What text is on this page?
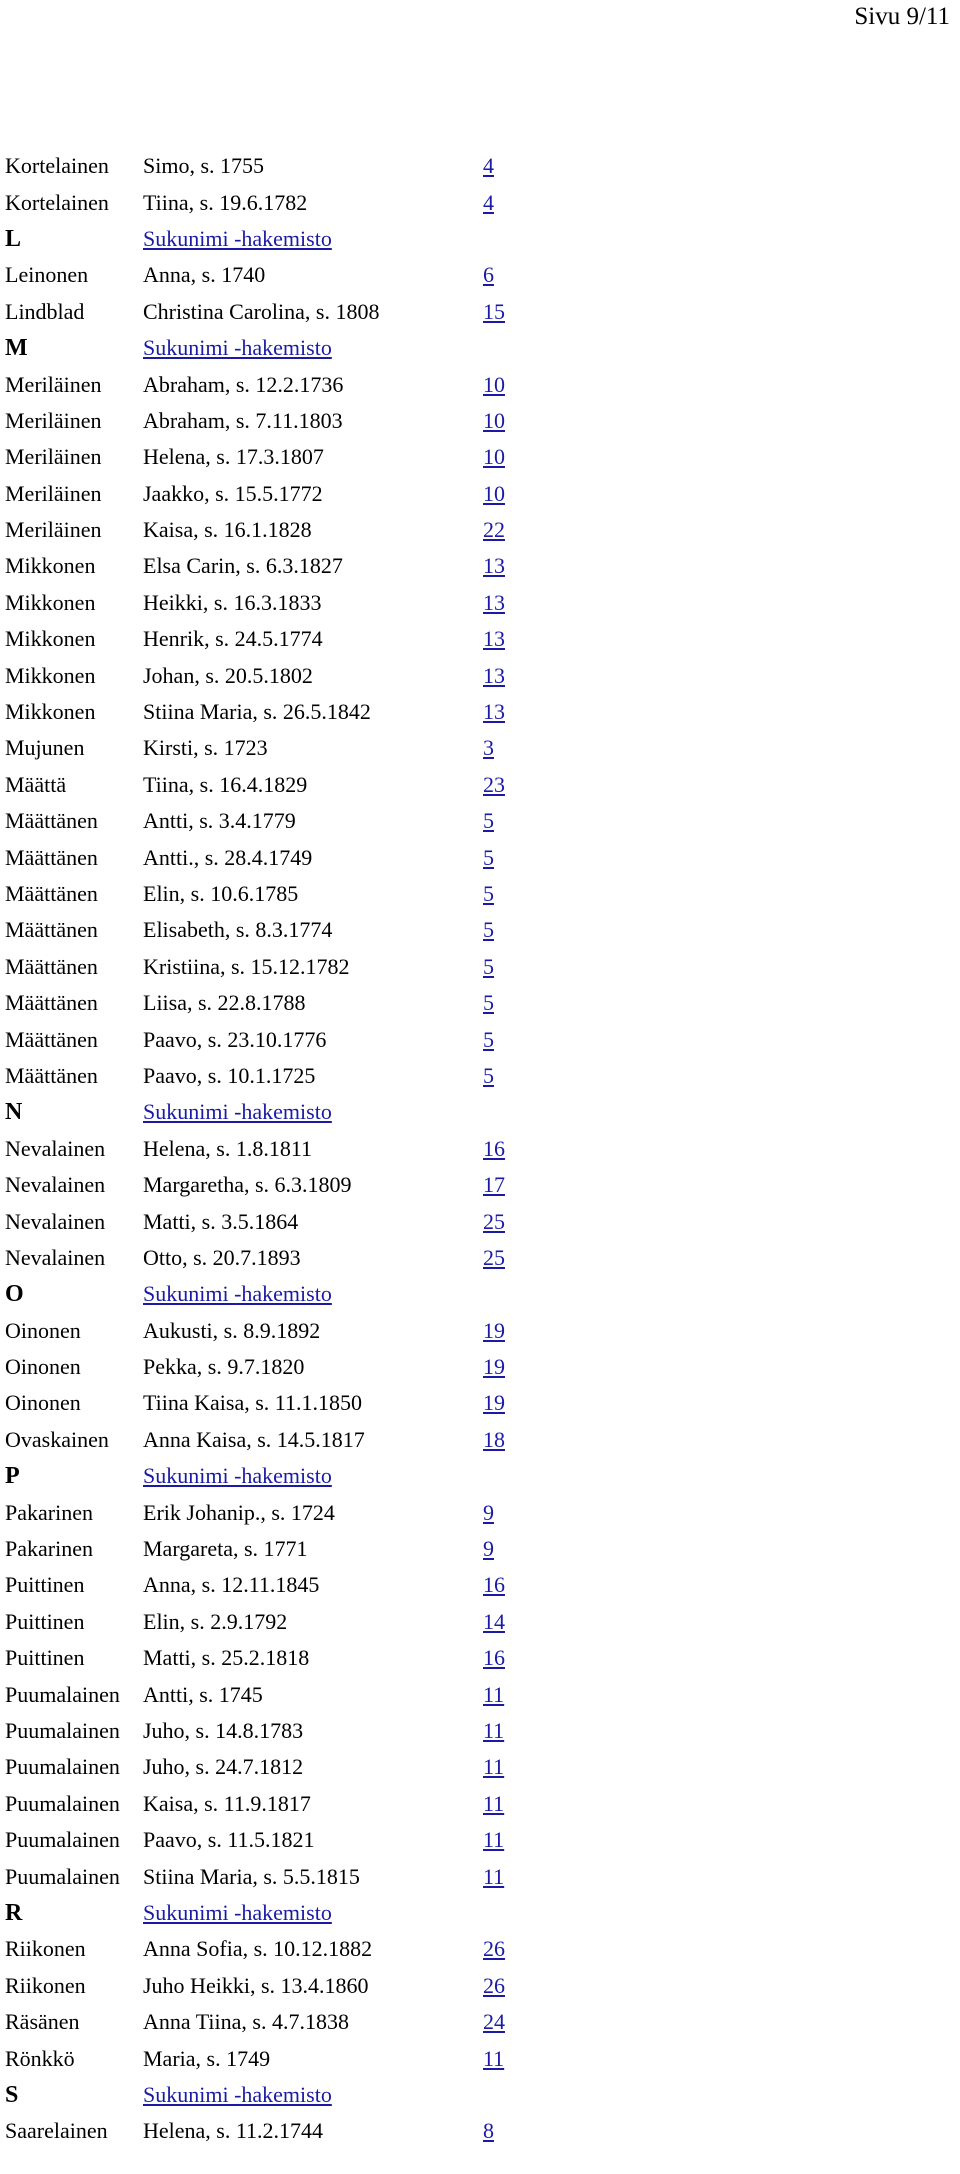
Sivu 9/11
Kortelainen	Simo, s. 1755	4
Kortelainen	Tiina, s. 19.6.1782	4
L	Sukunimi -hakemisto	
Leinonen	Anna, s. 1740	6
Lindblad	Christina Carolina, s. 1808	15
M	Sukunimi -hakemisto	
Meriläinen	Abraham, s. 12.2.1736	10
Meriläinen	Abraham, s. 7.11.1803	10
Meriläinen	Helena, s. 17.3.1807	10
Meriläinen	Jaakko, s. 15.5.1772	10
Meriläinen	Kaisa, s. 16.1.1828	22
Mikkonen	Elsa Carin, s. 6.3.1827	13
Mikkonen	Heikki, s. 16.3.1833	13
Mikkonen	Henrik, s. 24.5.1774	13
Mikkonen	Johan, s. 20.5.1802	13
Mikkonen	Stiina Maria, s. 26.5.1842	13
Mujunen	Kirsti, s. 1723	3
Määttä	Tiina, s. 16.4.1829	23
Määttänen	Antti, s. 3.4.1779	5
Määttänen	Antti., s. 28.4.1749	5
Määttänen	Elin, s. 10.6.1785	5
Määttänen	Elisabeth, s. 8.3.1774	5
Määttänen	Kristiina, s. 15.12.1782	5
Määttänen	Liisa, s. 22.8.1788	5
Määttänen	Paavo, s. 23.10.1776	5
Määttänen	Paavo, s. 10.1.1725	5
N	Sukunimi -hakemisto	
Nevalainen	Helena, s. 1.8.1811	16
Nevalainen	Margaretha, s. 6.3.1809	17
Nevalainen	Matti, s. 3.5.1864	25
Nevalainen	Otto, s. 20.7.1893	25
O	Sukunimi -hakemisto	
Oinonen	Aukusti, s. 8.9.1892	19
Oinonen	Pekka, s. 9.7.1820	19
Oinonen	Tiina Kaisa, s. 11.1.1850	19
Ovaskainen	Anna Kaisa, s. 14.5.1817	18
P	Sukunimi -hakemisto	
Pakarinen	Erik Johanip., s. 1724	9
Pakarinen	Margareta, s. 1771	9
Puittinen	Anna, s. 12.11.1845	16
Puittinen	Elin, s. 2.9.1792	14
Puittinen	Matti, s. 25.2.1818	16
Puumalainen	Antti, s. 1745	11
Puumalainen	Juho, s. 14.8.1783	11
Puumalainen	Juho, s. 24.7.1812	11
Puumalainen	Kaisa, s. 11.9.1817	11
Puumalainen	Paavo, s. 11.5.1821	11
Puumalainen	Stiina Maria, s. 5.5.1815	11
R	Sukunimi -hakemisto	
Riikonen	Anna Sofia, s. 10.12.1882	26
Riikonen	Juho Heikki, s. 13.4.1860	26
Räsänen	Anna Tiina, s. 4.7.1838	24
Rönkkö	Maria, s. 1749	11
S	Sukunimi -hakemisto	
Saarelainen	Helena, s. 11.2.1744	8
